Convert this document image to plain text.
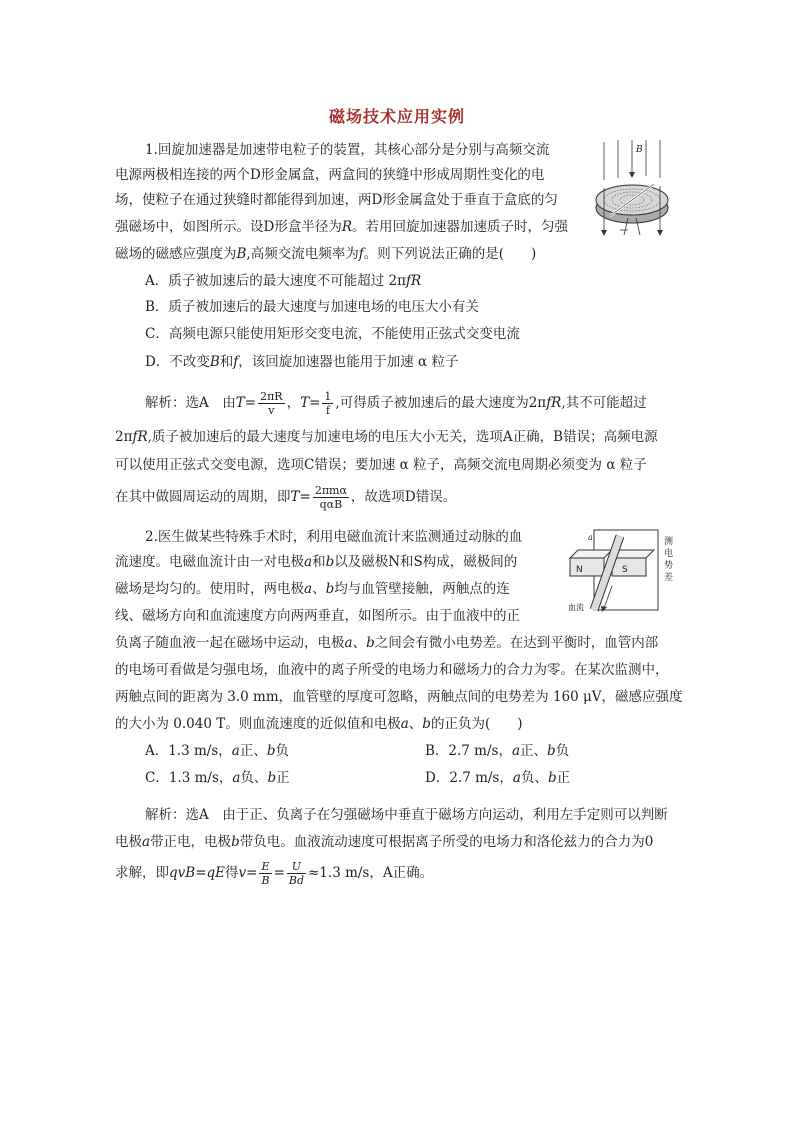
磁场技术应用实例
1.回旋加速器是加速带电粒子的装置，其核心部分是分别与高频交流
电源两极相连接的两个D形金属盒，两盒间的狭缝中形成周期性变化的电
场，使粒子在通过狭缝时都能得到加速，两D形金属盒处于垂直于盒底的匀
强磁场中，如图所示。设D形盒半径为R。若用回旋加速器加速质子时，匀强
磁场的磁感应强度为B,高频交流电频率为f。则下列说法正确的是(　　)
A．质子被加速后的最大速度不可能超过 2πfR
B．质子被加速后的最大速度与加速电场的电压大小有关
C．高频电源只能使用矩形交变电流，不能使用正弦式交变电流
D．不改变B和f，该回旋加速器也能用于加速 α 粒子
解析：选A　由$T= \frac{2\pi R}{v}$ ，$T= \frac{1}{f}$ ,可得质子被加速后的最大速度为2πfR,其不可能超过
2πfR,质子被加速后的最大速度与加速电场的电压大小无关，选项A正确，B错误；高频电源
可以使用正弦式交变电源，选项C错误；要加速 α 粒子，高频交流电周期必须变为 α 粒子
在其中做圆周运动的周期，即$T= \frac{\text{2πmα}}{\text{qαB}}$ ，故选项D错误。
B
2.医生做某些特殊手术时，利用电磁血流计来监测通过动脉的血
流速度。电磁血流计由一对电极a和b以及磁极N和S构成，磁极间的
磁场是均匀的。使用时，两电极a、b均与血管壁接触，两触点的连
线、磁场方向和血流速度方向两两垂直，如图所示。由于血液中的正
负离子随血液一起在磁场中运动，电极a、b之间会有微小电势差。在达到平衡时，血管内部
的电场可看做是匀强电场，血液中的离子所受的电场力和磁场力的合力为零。在某次监测中，
两触点间的距离为 3.0 mm，血管壁的厚度可忽略，两触点间的电势差为 160 μV，磁感应强度
的大小为 0.040 T。则血流速度的近似值和电极a、b的正负为(　　)
A．1.3 m/s，a正、b负	B．2.7 m/s，a正、b负
C．1.3 m/s，a负、b正	D．2.7 m/s，a负、b正
解析：选A　由于正、负离子在匀强磁场中垂直于磁场方向运动，利用左手定则可以判断
电极a带正电，电极b带负电。血液流动速度可根据离子所受的电场力和洛伦兹力的合力为0
求解，即qvB=qE得$v= \frac{E}{B} = \frac{U}{Bd} \approx 1.3$ m/s，A正确。
a
N	S
血流
测
电
势
差
